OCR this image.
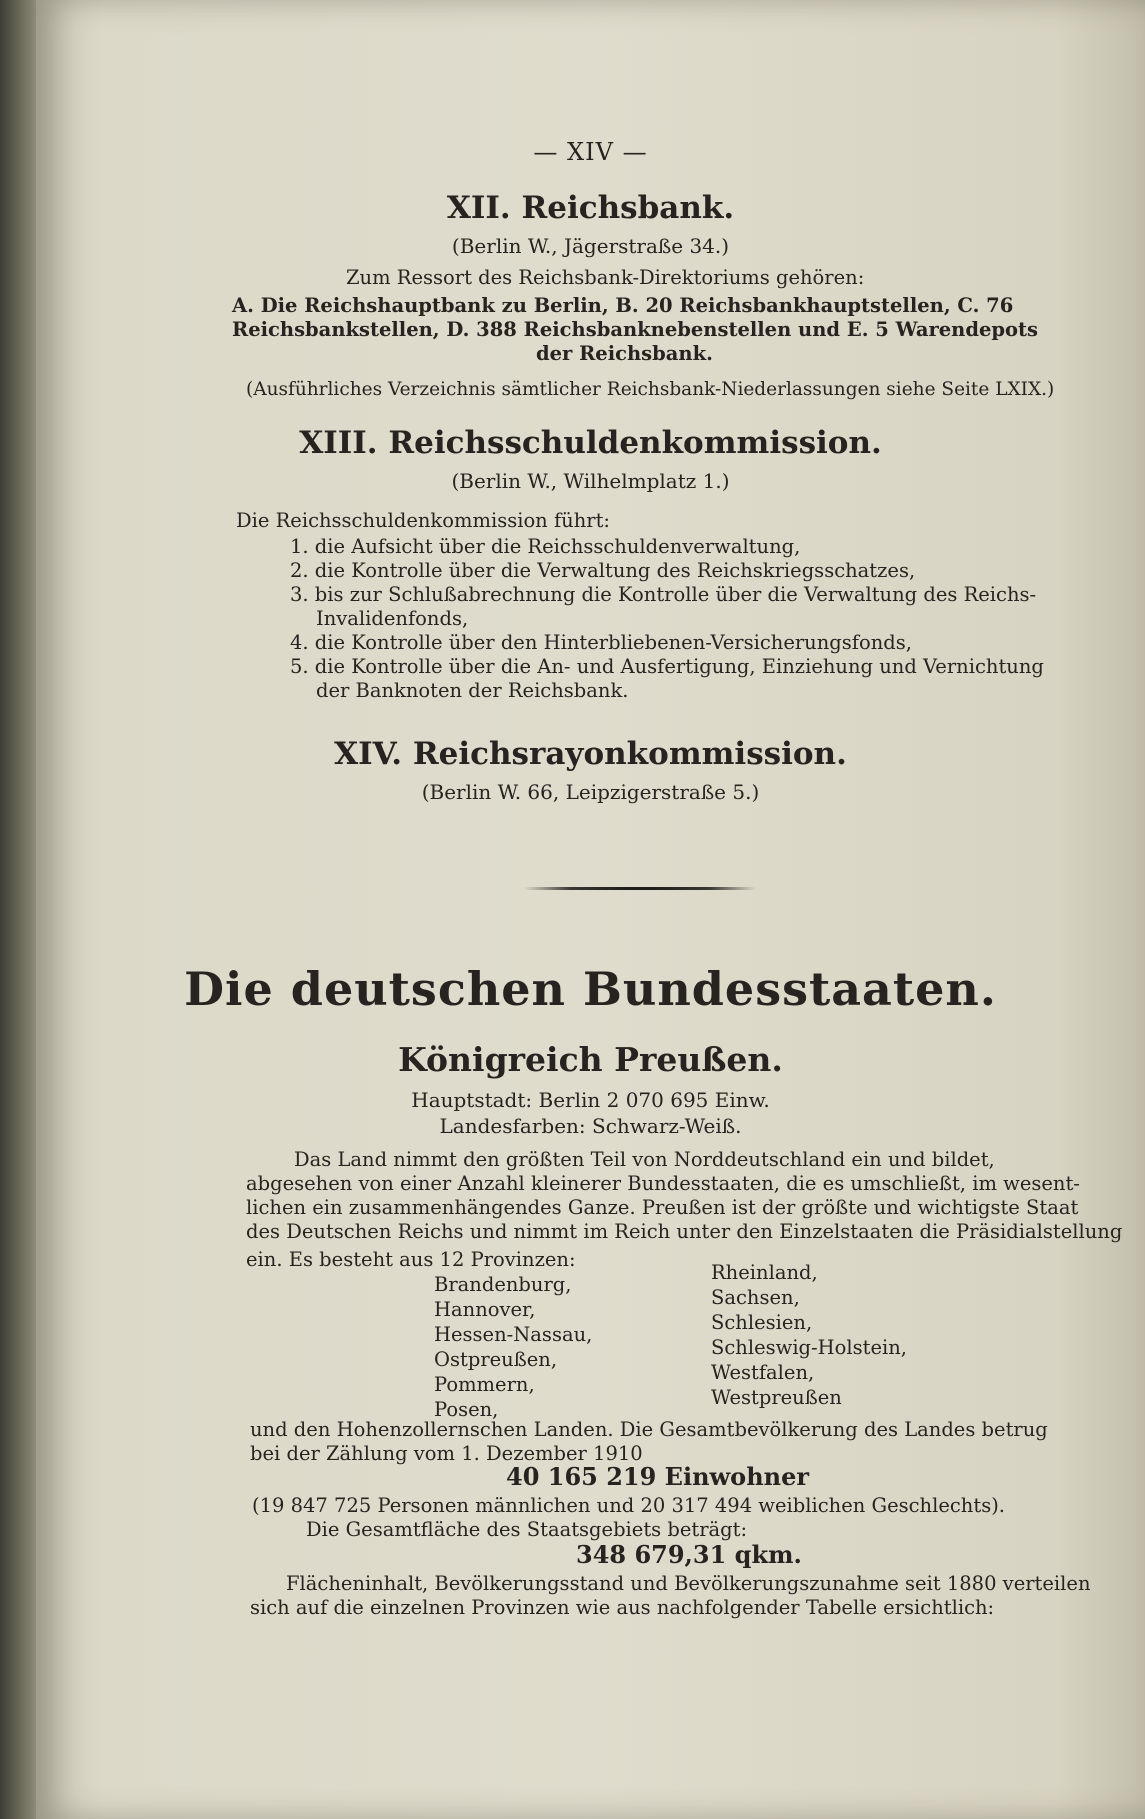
— XIV —
XII. Reichsbank.
(Berlin W., Jägerstraße 34.)
Zum Ressort des Reichsbank-Direktoriums gehören:
A. Die Reichshauptbank zu Berlin, B. 20 Reichsbankhauptstellen, C. 76
Reichsbankstellen, D. 388 Reichsbanknebenstellen und E. 5 Warendepots
der Reichsbank.
(Ausführliches Verzeichnis sämtlicher Reichsbank-Niederlassungen siehe Seite LXIX.)
XIII. Reichsschuldenkommission.
(Berlin W., Wilhelmplatz 1.)
Die Reichsschuldenkommission führt:
1. die Aufsicht über die Reichsschuldenverwaltung,
2. die Kontrolle über die Verwaltung des Reichskriegsschatzes,
3. bis zur Schlußabrechnung die Kontrolle über die Verwaltung des Reichs-
Invalidenfonds,
4. die Kontrolle über den Hinterbliebenen-Versicherungsfonds,
5. die Kontrolle über die An- und Ausfertigung, Einziehung und Vernichtung
der Banknoten der Reichsbank.
XIV. Reichsrayonkommission.
(Berlin W. 66, Leipzigerstraße 5.)
Die deutschen Bundesstaaten.
Königreich Preußen.
Hauptstadt: Berlin 2 070 695 Einw.
Landesfarben: Schwarz-Weiß.
Das Land nimmt den größten Teil von Norddeutschland ein und bildet,
abgesehen von einer Anzahl kleinerer Bundesstaaten, die es umschließt, im wesent-
lichen ein zusammenhängendes Ganze. Preußen ist der größte und wichtigste Staat
des Deutschen Reichs und nimmt im Reich unter den Einzelstaaten die Präsidialstellung
ein. Es besteht aus 12 Provinzen:
Brandenburg,
Hannover,
Hessen-Nassau,
Ostpreußen,
Pommern,
Posen,
Rheinland,
Sachsen,
Schlesien,
Schleswig-Holstein,
Westfalen,
Westpreußen
und den Hohenzollernschen Landen. Die Gesamtbevölkerung des Landes betrug
bei der Zählung vom 1. Dezember 1910
40 165 219 Einwohner
(19 847 725 Personen männlichen und 20 317 494 weiblichen Geschlechts).
Die Gesamtfläche des Staatsgebiets beträgt:
348 679,31 qkm.
Flächeninhalt, Bevölkerungsstand und Bevölkerungszunahme seit 1880 verteilen
sich auf die einzelnen Provinzen wie aus nachfolgender Tabelle ersichtlich:
